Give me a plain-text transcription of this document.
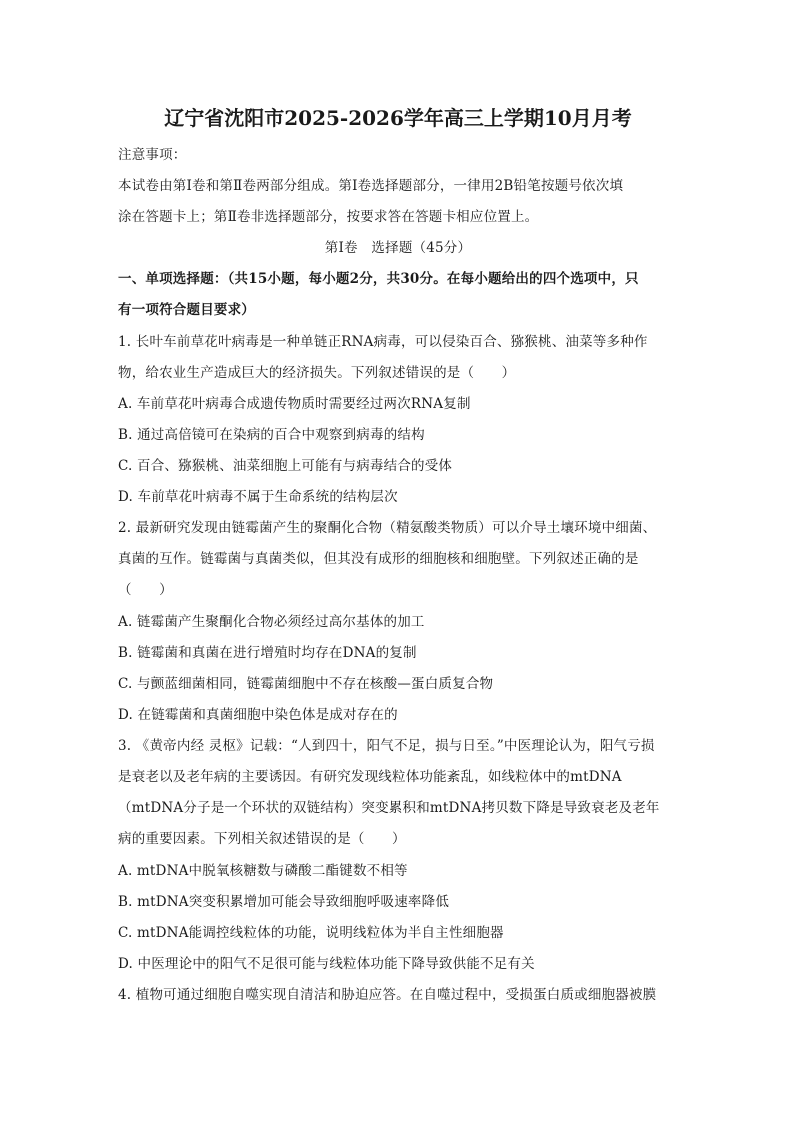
辽宁省沈阳市2025-2026学年高三上学期10月月考
注意事项：
本试卷由第Ⅰ卷和第Ⅱ卷两部分组成。第Ⅰ卷选择题部分，一律用2B铅笔按题号依次填
涂在答题卡上；第Ⅱ卷非选择题部分，按要求答在答题卡相应位置上。
第Ⅰ卷　选择题（45分）
一、单项选择题：（共15小题，每小题2分，共30分。在每小题给出的四个选项中，只
有一项符合题目要求）
1. 长叶车前草花叶病毒是一种单链正RNA病毒，可以侵染百合、猕猴桃、油菜等多种作
物，给农业生产造成巨大的经济损失。下列叙述错误的是（　　）
A. 车前草花叶病毒合成遗传物质时需要经过两次RNA复制
B. 通过高倍镜可在染病的百合中观察到病毒的结构
C. 百合、猕猴桃、油菜细胞上可能有与病毒结合的受体
D. 车前草花叶病毒不属于生命系统的结构层次
2. 最新研究发现由链霉菌产生的聚酮化合物（精氨酸类物质）可以介导土壤环境中细菌、
真菌的互作。链霉菌与真菌类似，但其没有成形的细胞核和细胞壁。下列叙述正确的是
（　　）
A. 链霉菌产生聚酮化合物必须经过高尔基体的加工
B. 链霉菌和真菌在进行增殖时均存在DNA的复制
C. 与颤蓝细菌相同，链霉菌细胞中不存在核酸—蛋白质复合物
D. 在链霉菌和真菌细胞中染色体是成对存在的
3. 《黄帝内经 灵枢》记载：“人到四十，阳气不足，损与日至。”中医理论认为，阳气亏损
是衰老以及老年病的主要诱因。有研究发现线粒体功能紊乱，如线粒体中的mtDNA
（mtDNA分子是一个环状的双链结构）突变累积和mtDNA拷贝数下降是导致衰老及老年
病的重要因素。下列相关叙述错误的是（　　）
A. mtDNA中脱氧核糖数与磷酸二酯键数不相等
B. mtDNA突变积累增加可能会导致细胞呼吸速率降低
C. mtDNA能调控线粒体的功能，说明线粒体为半自主性细胞器
D. 中医理论中的阳气不足很可能与线粒体功能下降导致供能不足有关
4. 植物可通过细胞自噬实现自清洁和胁迫应答。在自噬过程中，受损蛋白质或细胞器被膜
